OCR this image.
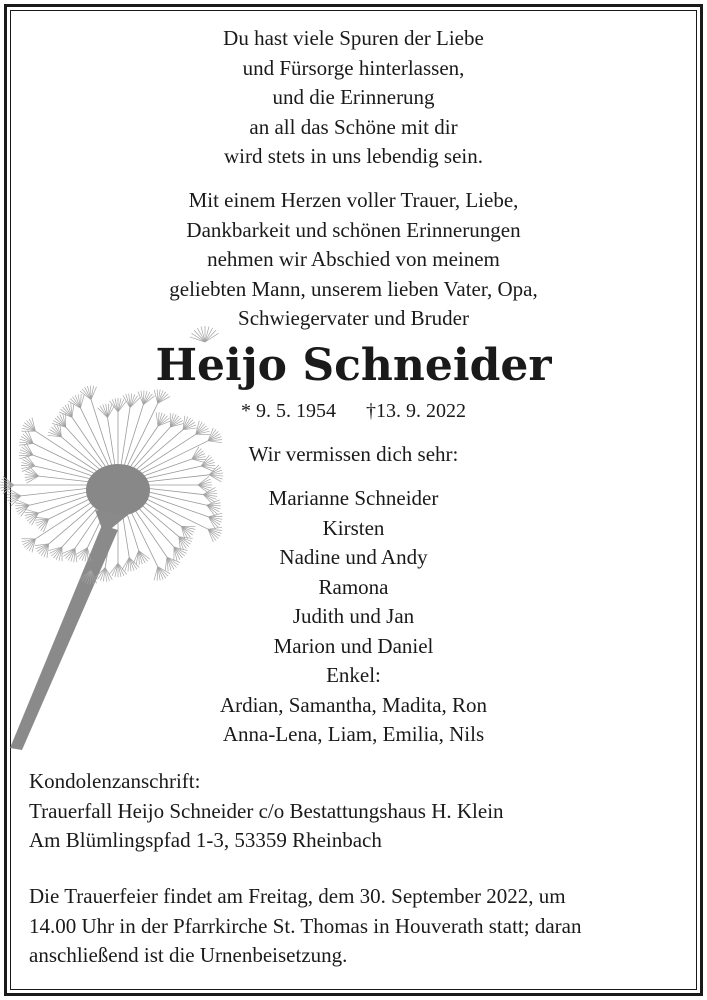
Du hast viele Spuren der Liebe
und Fürsorge hinterlassen,
und die Erinnerung
an all das Schöne mit dir
wird stets in uns lebendig sein.
Mit einem Herzen voller Trauer, Liebe,
Dankbarkeit und schönen Erinnerungen
nehmen wir Abschied von meinem
geliebten Mann, unserem lieben Vater, Opa,
Schwiegervater und Bruder
Heijo Schneider
* 9. 5. 1954 †13. 9. 2022
Wir vermissen dich sehr:
Marianne Schneider
Kirsten
Nadine und Andy
Ramona
Judith und Jan
Marion und Daniel
Enkel:
Ardian, Samantha, Madita, Ron
Anna-Lena, Liam, Emilia, Nils
Kondolenzanschrift:
Trauerfall Heijo Schneider c/o Bestattungshaus H. Klein
Am Blümlingspfad 1-3, 53359 Rheinbach
Die Trauerfeier findet am Freitag, dem 30. September 2022, um
14.00 Uhr in der Pfarrkirche St. Thomas in Houverath statt; daran
anschließend ist die Urnenbeisetzung.
